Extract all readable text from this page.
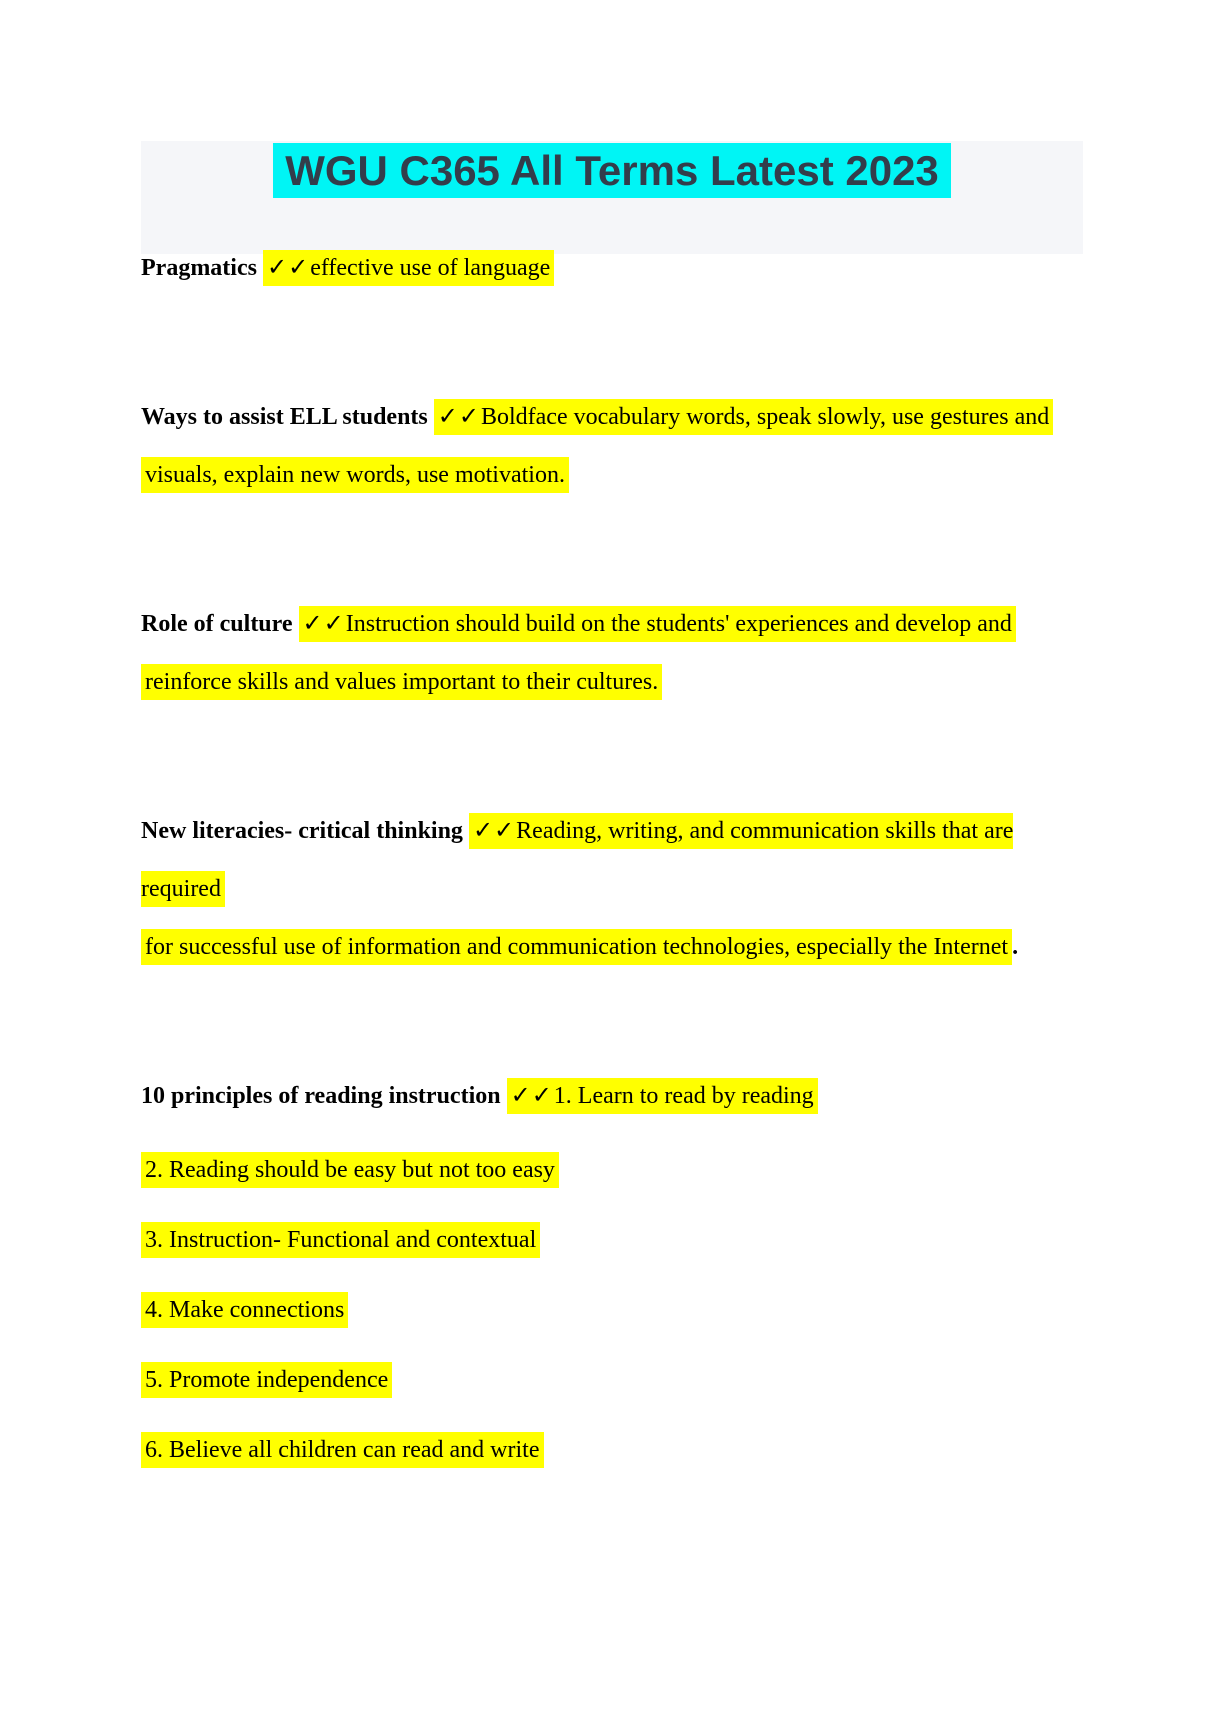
WGU C365 All Terms Latest 2023

Pragmatics ✓✓effective use of language

Ways to assist ELL students ✓✓Boldface vocabulary words, speak slowly, use gestures and
visuals, explain new words, use motivation.

Role of culture ✓✓Instruction should build on the students' experiences and develop and
reinforce skills and values important to their cultures.

New literacies- critical thinking ✓✓Reading, writing, and communication skills that are required
for successful use of information and communication technologies, especially the Internet .

10 principles of reading instruction ✓✓1. Learn to read by reading

2. Reading should be easy but not too easy

3. Instruction- Functional and contextual

4. Make connections

5. Promote independence

6. Believe all children can read and write
